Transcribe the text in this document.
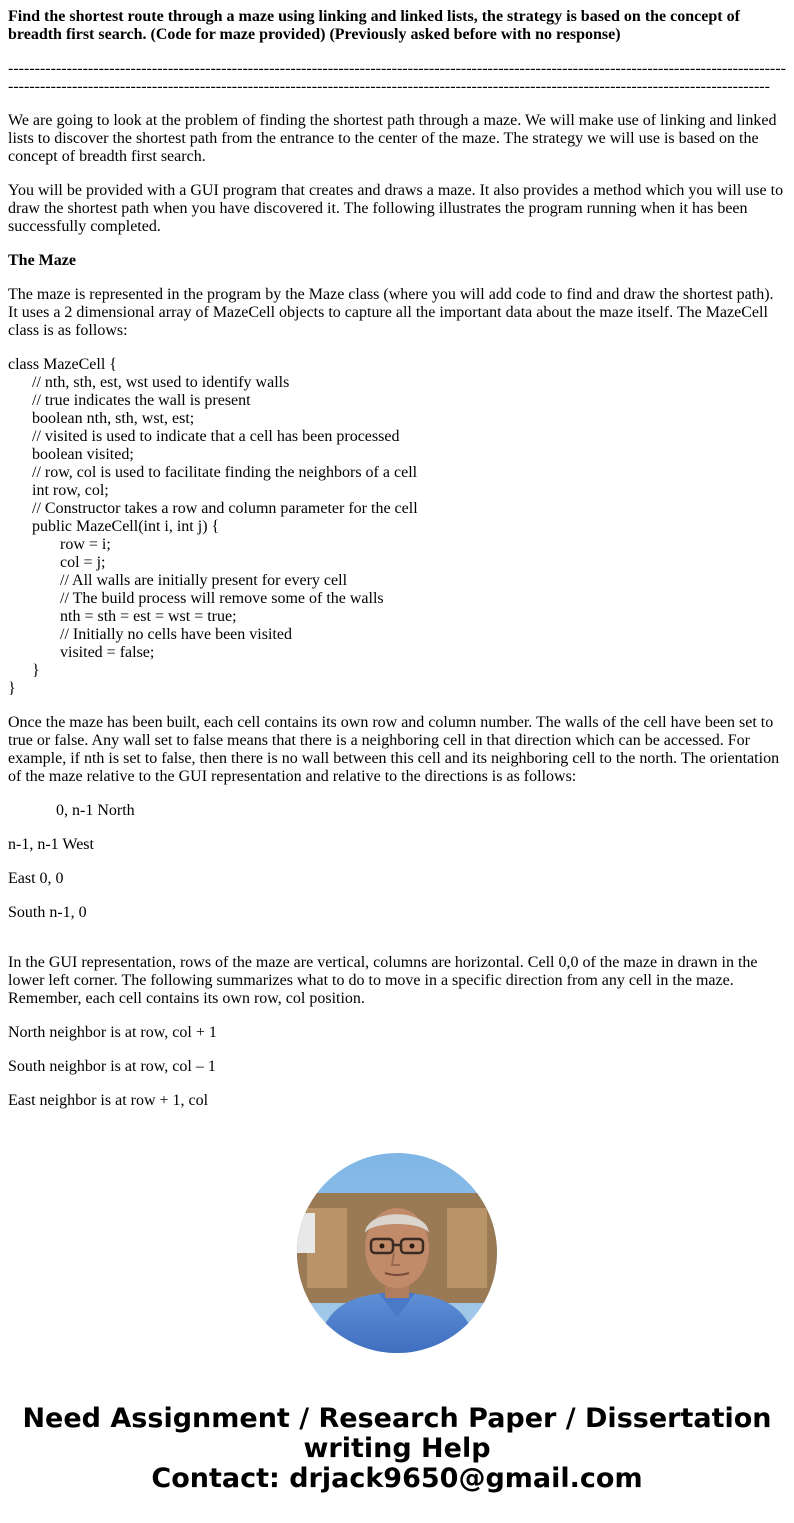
Find the shortest route through a maze using linking and linked lists, the strategy is based on the concept of breadth first search. (Code for maze provided) (Previously asked before with no response)
-------------------------------------------------------------------------------------------------------------------------------------------------------------------------------------------------------------------------------------------------------------------------------------------------

We are going to look at the problem of finding the shortest path through a maze. We will make use of linking and linked lists to discover the shortest path from the entrance to the center of the maze. The strategy we will use is based on the concept of breadth first search.

You will be provided with a GUI program that creates and draws a maze. It also provides a method which you will use to draw the shortest path when you have discovered it. The following illustrates the program running when it has been successfully completed.

The Maze

The maze is represented in the program by the Maze class (where you will add code to find and draw the shortest path). It uses a 2 dimensional array of MazeCell objects to capture all the important data about the maze itself. The MazeCell class is as follows:

class MazeCell {
// nth, sth, est, wst used to identify walls
// true indicates the wall is present
boolean nth, sth, wst, est;
// visited is used to indicate that a cell has been processed
boolean visited;
// row, col is used to facilitate finding the neighbors of a cell
int row, col;
// Constructor takes a row and column parameter for the cell
public MazeCell(int i, int j) {
row = i;
col = j;
// All walls are initially present for every cell
// The build process will remove some of the walls
nth = sth = est = wst = true;
// Initially no cells have been visited
visited = false;
}
}

Once the maze has been built, each cell contains its own row and column number. The walls of the cell have been set to true or false. Any wall set to false means that there is a neighboring cell in that direction which can be accessed. For example, if nth is set to false, then there is no wall between this cell and its neighboring cell to the north. The orientation of the maze relative to the GUI representation and relative to the directions is as follows:

0, n-1 North

n-1, n-1 West

East 0, 0

South n-1, 0

In the GUI representation, rows of the maze are vertical, columns are horizontal. Cell 0,0 of the maze in drawn in the lower left corner. The following summarizes what to do to move in a specific direction from any cell in the maze. Remember, each cell contains its own row, col position.

North neighbor is at row, col + 1

South neighbor is at row, col – 1

East neighbor is at row + 1, col

Need Assignment / Research Paper / Dissertation
writing Help
Contact: drjack9650@gmail.com
